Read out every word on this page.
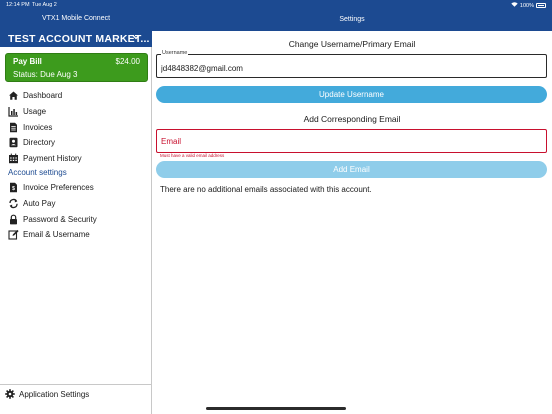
VTX1 Mobile Connect
TEST ACCOUNT MARKET...
Pay Bill	$24.00
Status: Due Aug 3
Dashboard
Usage
Invoices
Directory
Payment History
Account settings
$ Invoice Preferences
Auto Pay
Password & Security
Email & Username
Application Settings
Settings
Change Username/Primary Email
Username
jd4848382@gmail.com
Update Username
Add Corresponding Email
Email
Must have a valid email address
Add Email
There are no additional emails associated with this account.
12:14 PM Tue Aug 2	100%
